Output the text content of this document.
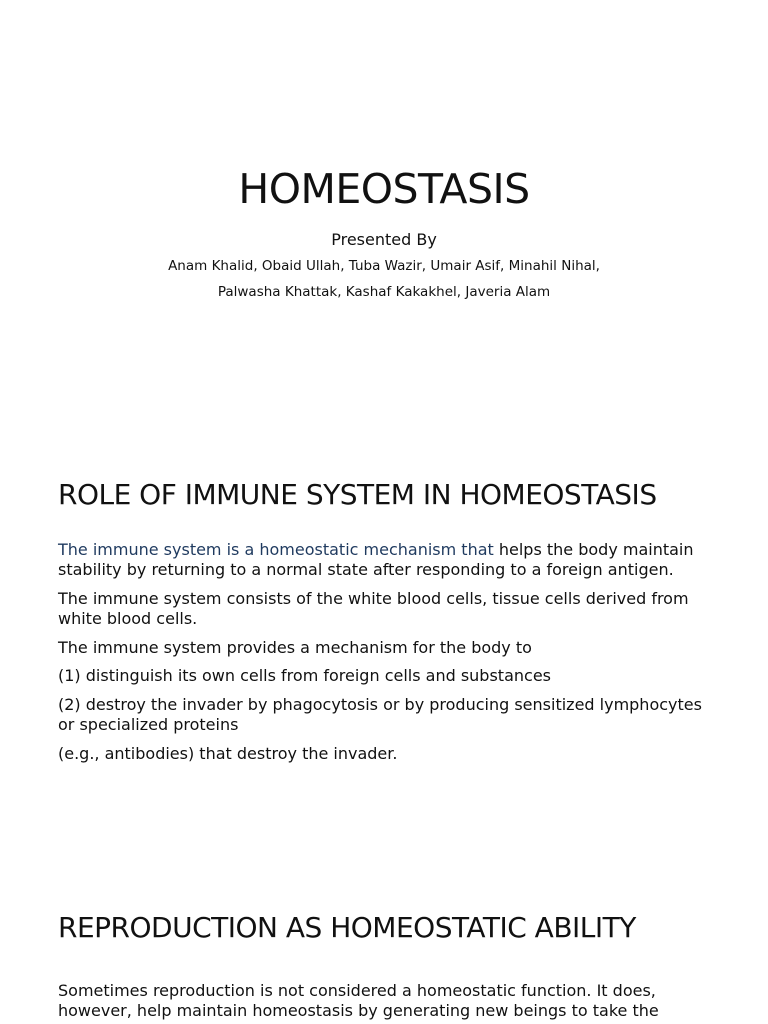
HOMEOSTASIS
Presented By
Anam Khalid, Obaid Ullah, Tuba Wazir, Umair Asif, Minahil Nihal,
Palwasha Khattak, Kashaf Kakakhel, Javeria Alam
ROLE OF IMMUNE SYSTEM IN HOMEOSTASIS

The immune system is a homeostatic mechanism that helps the body maintain stability by returning to a normal state after responding to a foreign antigen.

The immune system consists of the white blood cells, tissue cells derived from white blood cells.

The immune system provides a mechanism for the body to

(1) distinguish its own cells from foreign cells and substances

(2) destroy the invader by phagocytosis or by producing sensitized lymphocytes or specialized proteins

(e.g., antibodies) that destroy the invader.

REPRODUCTION AS HOMEOSTATIC ABILITY

Sometimes reproduction is not considered a homeostatic function. It does, however, help maintain homeostasis by generating new beings to take the
